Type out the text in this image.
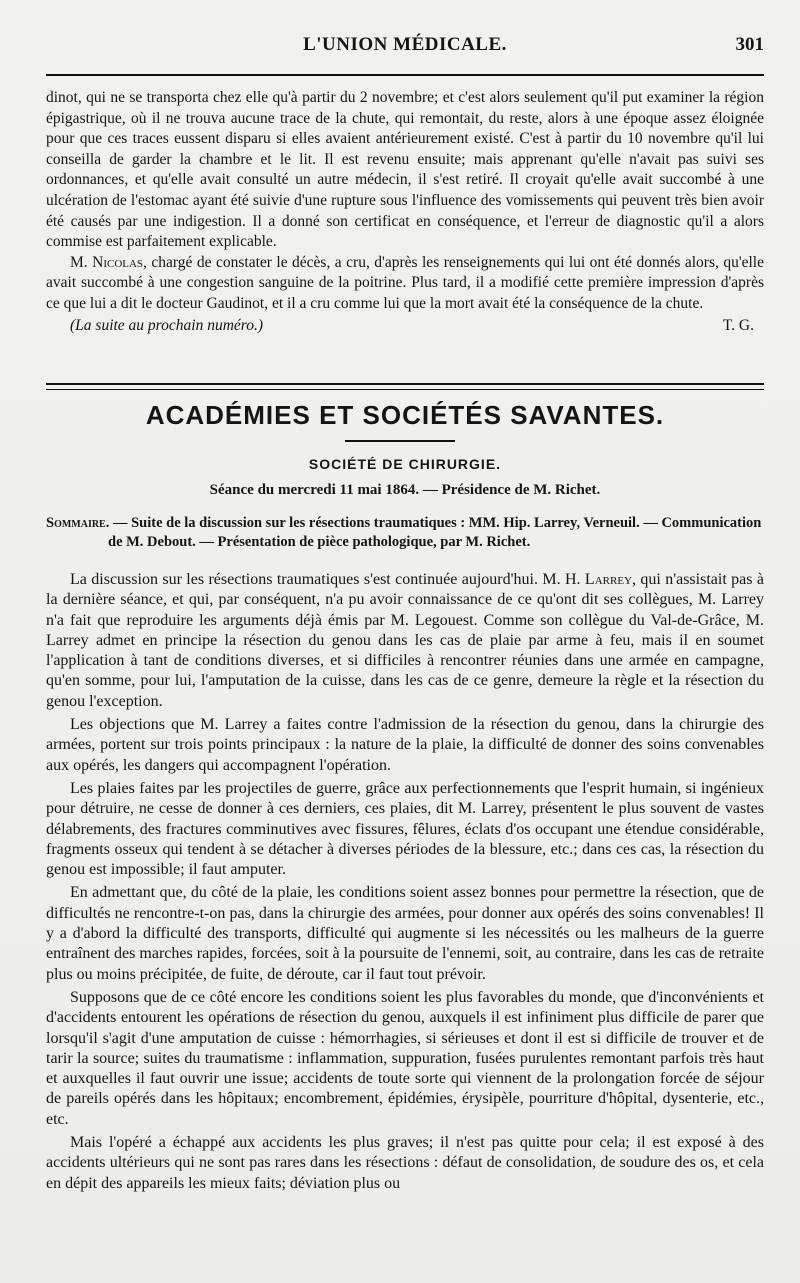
L'UNION MÉDICALE.	301

dinot, qui ne se transporta chez elle qu'à partir du 2 novembre; et c'est alors seulement qu'il put examiner la région épigastrique, où il ne trouva aucune trace de la chute, qui remontait, du reste, alors à une époque assez éloignée pour que ces traces eussent disparu si elles avaient antérieurement existé. C'est à partir du 10 novembre qu'il lui conseilla de garder la chambre et le lit. Il est revenu ensuite; mais apprenant qu'elle n'avait pas suivi ses ordonnances, et qu'elle avait consulté un autre médecin, il s'est retiré. Il croyait qu'elle avait succombé à une ulcération de l'estomac ayant été suivie d'une rupture sous l'influence des vomissements qui peuvent très bien avoir été causés par une indigestion. Il a donné son certificat en conséquence, et l'erreur de diagnostic qu'il a alors commise est parfaitement explicable.

M. Nicolas, chargé de constater le décès, a cru, d'après les renseignements qui lui ont été donnés alors, qu'elle avait succombé à une congestion sanguine de la poitrine. Plus tard, il a modifié cette première impression d'après ce que lui a dit le docteur Gaudinot, et il a cru comme lui que la mort avait été la conséquence de la chute.

(La suite au prochain numéro.)	T. G.
ACADÉMIES ET SOCIÉTÉS SAVANTES.
SOCIÉTÉ DE CHIRURGIE.
Séance du mercredi 11 mai 1864. — Présidence de M. Richet.
Sommaire. — Suite de la discussion sur les résections traumatiques : MM. Hip. Larrey, Verneuil. — Communication de M. Debout. — Présentation de pièce pathologique, par M. Richet.

La discussion sur les résections traumatiques s'est continuée aujourd'hui. M. H. Larrey, qui n'assistait pas à la dernière séance, et qui, par conséquent, n'a pu avoir connaissance de ce qu'ont dit ses collègues, M. Larrey n'a fait que reproduire les arguments déjà émis par M. Legouest. Comme son collègue du Val-de-Grâce, M. Larrey admet en principe la résection du genou dans les cas de plaie par arme à feu, mais il en soumet l'application à tant de conditions diverses, et si difficiles à rencontrer réunies dans une armée en campagne, qu'en somme, pour lui, l'amputation de la cuisse, dans les cas de ce genre, demeure la règle et la résection du genou l'exception.

Les objections que M. Larrey a faites contre l'admission de la résection du genou, dans la chirurgie des armées, portent sur trois points principaux : la nature de la plaie, la difficulté de donner des soins convenables aux opérés, les dangers qui accompagnent l'opération.

Les plaies faites par les projectiles de guerre, grâce aux perfectionnements que l'esprit humain, si ingénieux pour détruire, ne cesse de donner à ces derniers, ces plaies, dit M. Larrey, présentent le plus souvent de vastes délabrements, des fractures comminutives avec fissures, fêlures, éclats d'os occupant une étendue considérable, fragments osseux qui tendent à se détacher à diverses périodes de la blessure, etc.; dans ces cas, la résection du genou est impossible; il faut amputer.

En admettant que, du côté de la plaie, les conditions soient assez bonnes pour permettre la résection, que de difficultés ne rencontre-t-on pas, dans la chirurgie des armées, pour donner aux opérés des soins convenables! Il y a d'abord la difficulté des transports, difficulté qui augmente si les nécessités ou les malheurs de la guerre entraînent des marches rapides, forcées, soit à la poursuite de l'ennemi, soit, au contraire, dans les cas de retraite plus ou moins précipitée, de fuite, de déroute, car il faut tout prévoir.

Supposons que de ce côté encore les conditions soient les plus favorables du monde, que d'inconvénients et d'accidents entourent les opérations de résection du genou, auxquels il est infiniment plus difficile de parer que lorsqu'il s'agit d'une amputation de cuisse : hémorrhagies, si sérieuses et dont il est si difficile de trouver et de tarir la source; suites du traumatisme : inflammation, suppuration, fusées purulentes remontant parfois très haut et auxquelles il faut ouvrir une issue; accidents de toute sorte qui viennent de la prolongation forcée de séjour de pareils opérés dans les hôpitaux; encombrement, épidémies, érysipèle, pourriture d'hôpital, dysenterie, etc., etc.

Mais l'opéré a échappé aux accidents les plus graves; il n'est pas quitte pour cela; il est exposé à des accidents ultérieurs qui ne sont pas rares dans les résections : défaut de consolidation, de soudure des os, et cela en dépit des appareils les mieux faits; déviation plus ou
